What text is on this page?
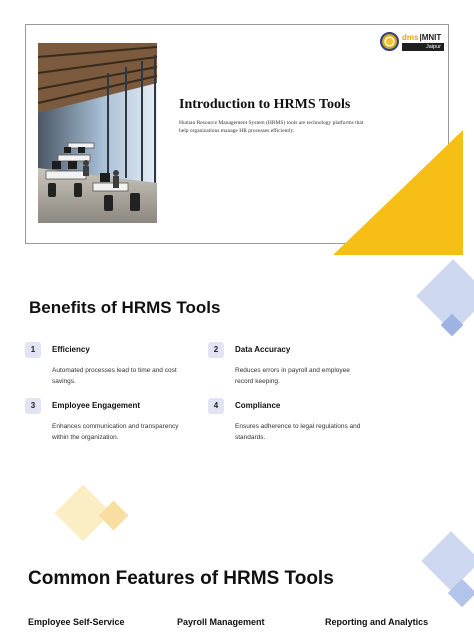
Introduction to HRMS Tools

Human Resource Management System (HRMS) tools are technology platforms that help organizations manage HR processes efficiently.

dms | MNIT
Jaipur
Benefits of HRMS Tools
1	Efficiency

Automated processes lead to time and cost savings.

2	Data Accuracy

Reduces errors in payroll and employee record keeping.

3	Employee Engagement

Enhances communication and transparency within the organization.

4	Compliance

Ensures adherence to legal regulations and standards.

Common Features of HRMS Tools

Employee Self-Service	Payroll Management	Reporting and Analytics
